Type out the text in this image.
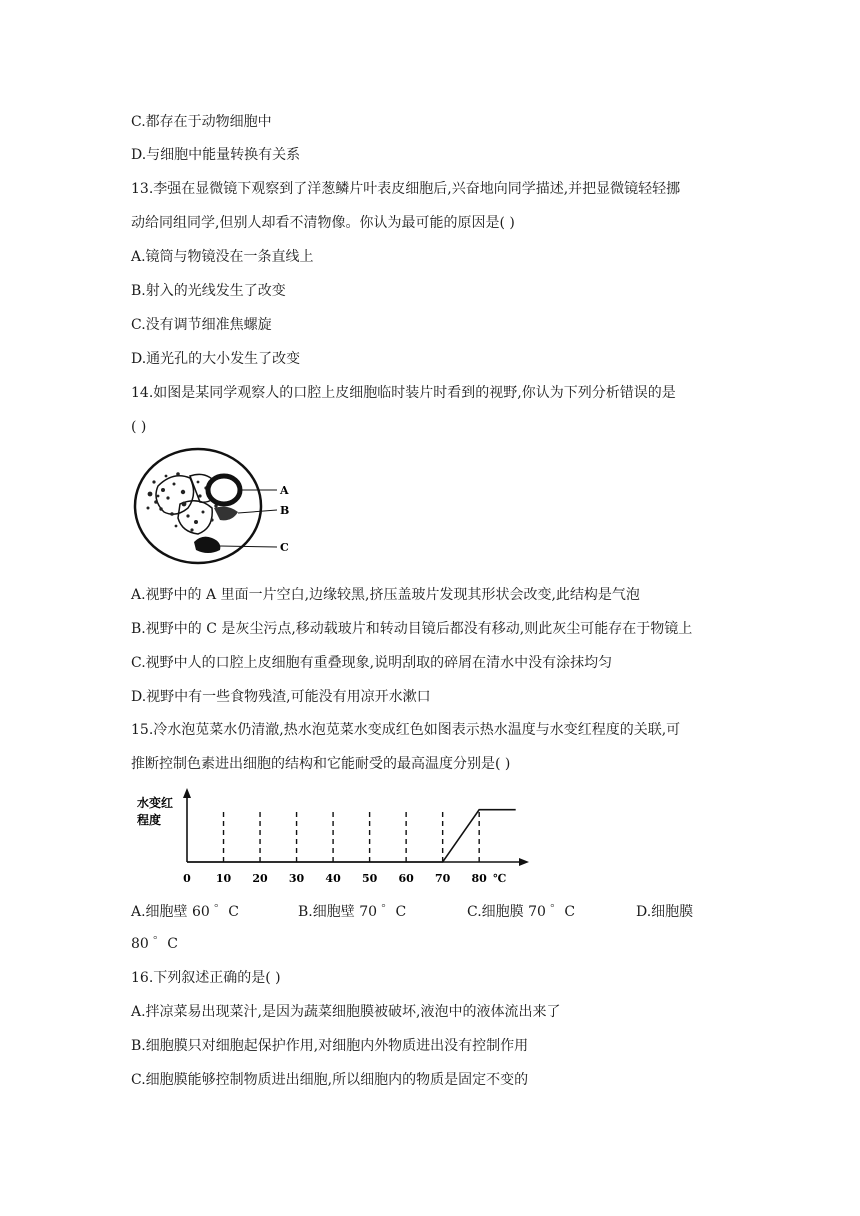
C.都存在于动物细胞中
D.与细胞中能量转换有关系
13.李强在显微镜下观察到了洋葱鳞片叶表皮细胞后,兴奋地向同学描述,并把显微镜轻轻挪
动给同组同学,但别人却看不清物像。你认为最可能的原因是( )
A.镜筒与物镜没在一条直线上
B.射入的光线发生了改变
C.没有调节细准焦螺旋
D.通光孔的大小发生了改变
14.如图是某同学观察人的口腔上皮细胞临时装片时看到的视野,你认为下列分析错误的是
( )
A
B
C
A.视野中的 A 里面一片空白,边缘较黑,挤压盖玻片发现其形状会改变,此结构是气泡
B.视野中的 C 是灰尘污点,移动载玻片和转动目镜后都没有移动,则此灰尘可能存在于物镜上
C.视野中人的口腔上皮细胞有重叠现象,说明刮取的碎屑在清水中没有涂抹均匀
D.视野中有一些食物残渣,可能没有用凉开水漱口
15.冷水泡苋菜水仍清澈,热水泡苋菜水变成红色如图表示热水温度与水变红程度的关联,可
推断控制色素进出细胞的结构和它能耐受的最高温度分别是( )
水变红
程度
0 10 20 30 40 50 60 70 80 ℃
A.细胞壁 60 ゜C	B.细胞壁 70 ゜C	C.细胞膜 70 ゜C	D.细胞膜
80 ゜C
16.下列叙述正确的是( )
A.拌凉菜易出现菜汁,是因为蔬菜细胞膜被破坏,液泡中的液体流出来了
B.细胞膜只对细胞起保护作用,对细胞内外物质进出没有控制作用
C.细胞膜能够控制物质进出细胞,所以细胞内的物质是固定不变的
